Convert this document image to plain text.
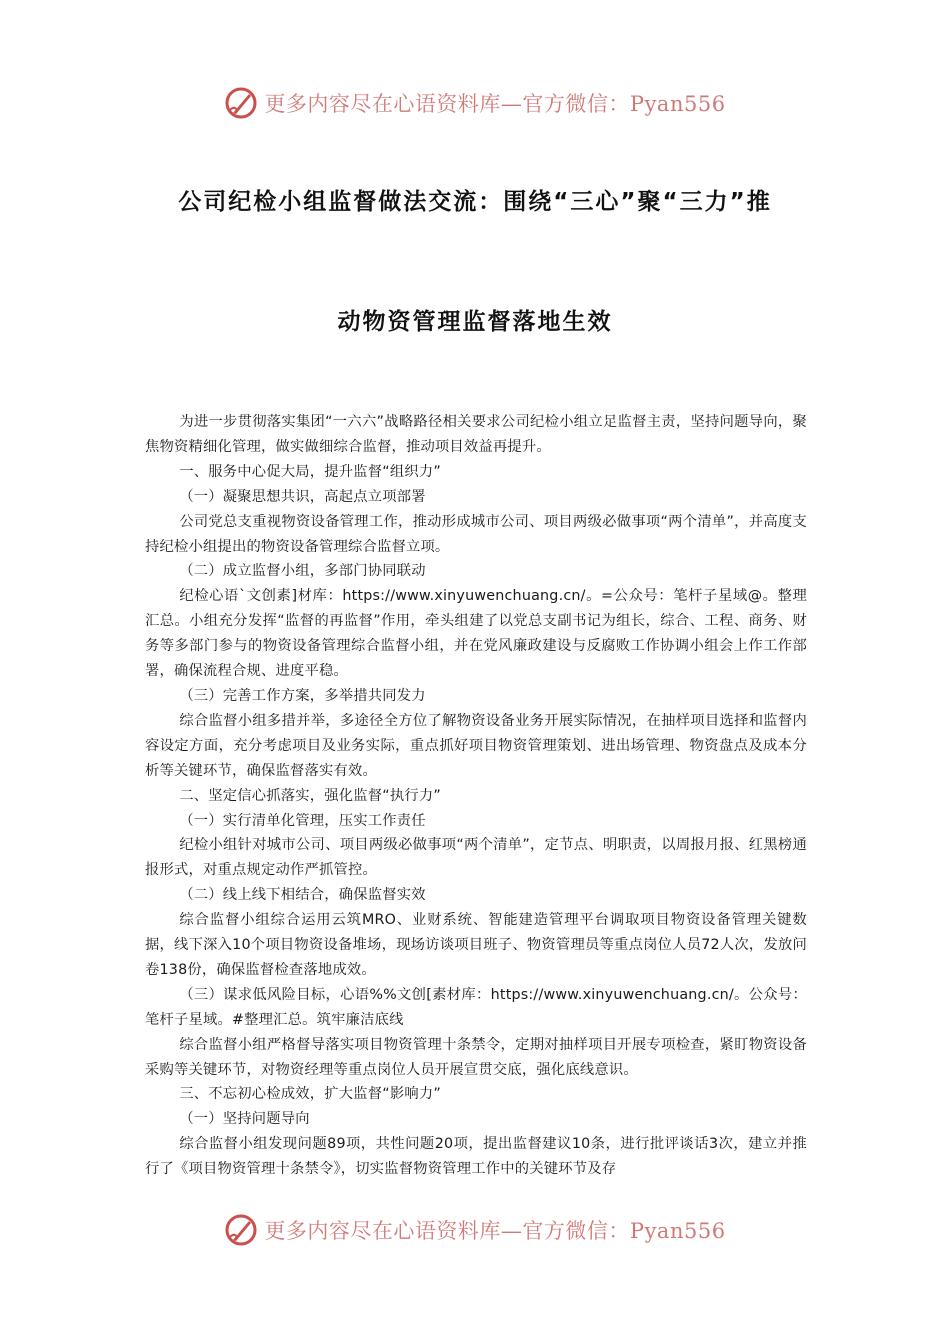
更多内容尽在心语资料库—官方微信：Pyan556
公司纪检小组监督做法交流：围绕“三心”聚“三力”推
动物资管理监督落地生效

为进一步贯彻落实集团“一六六”战略路径相关要求公司纪检小组立足监督主责，坚持问题导向，聚焦物资精细化管理，做实做细综合监督，推动项目效益再提升。

一、服务中心促大局，提升监督“组织力”

（一）凝聚思想共识，高起点立项部署

公司党总支重视物资设备管理工作，推动形成城市公司、项目两级必做事项“两个清单”，并高度支持纪检小组提出的物资设备管理综合监督立项。

（二）成立监督小组，多部门协同联动

纪检心语`文创素]材库：https://www.xinyuwenchuang.cn/。=公众号：笔杆子星域@。整理汇总。小组充分发挥“监督的再监督”作用，牵头组建了以党总支副书记为组长，综合、工程、商务、财务等多部门参与的物资设备管理综合监督小组，并在党风廉政建设与反腐败工作协调小组会上作工作部署，确保流程合规、进度平稳。

（三）完善工作方案，多举措共同发力

综合监督小组多措并举，多途径全方位了解物资设备业务开展实际情况，在抽样项目选择和监督内容设定方面，充分考虑项目及业务实际，重点抓好项目物资管理策划、进出场管理、物资盘点及成本分析等关键环节，确保监督落实有效。

二、坚定信心抓落实，强化监督“执行力”

（一）实行清单化管理，压实工作责任

纪检小组针对城市公司、项目两级必做事项“两个清单”，定节点、明职责，以周报月报、红黑榜通报形式，对重点规定动作严抓管控。

（二）线上线下相结合，确保监督实效

综合监督小组综合运用云筑MRO、业财系统、智能建造管理平台调取项目物资设备管理关键数据，线下深入10个项目物资设备堆场，现场访谈项目班子、物资管理员等重点岗位人员72人次，发放问卷138份，确保监督检查落地成效。

（三）谋求低风险目标，心语%%文创[素材库：https://www.xinyuwenchuang.cn/。公众号：笔杆子星域。#整理汇总。筑牢廉洁底线

综合监督小组严格督导落实项目物资管理十条禁令，定期对抽样项目开展专项检查，紧盯物资设备采购等关键环节，对物资经理等重点岗位人员开展宣贯交底，强化底线意识。

三、不忘初心检成效，扩大监督“影响力”

（一）坚持问题导向

综合监督小组发现问题89项，共性问题20项，提出监督建议10条，进行批评谈话3次，建立并推行了《项目物资管理十条禁令》，切实监督物资管理工作中的关键环节及存

更多内容尽在心语资料库—官方微信：Pyan556
